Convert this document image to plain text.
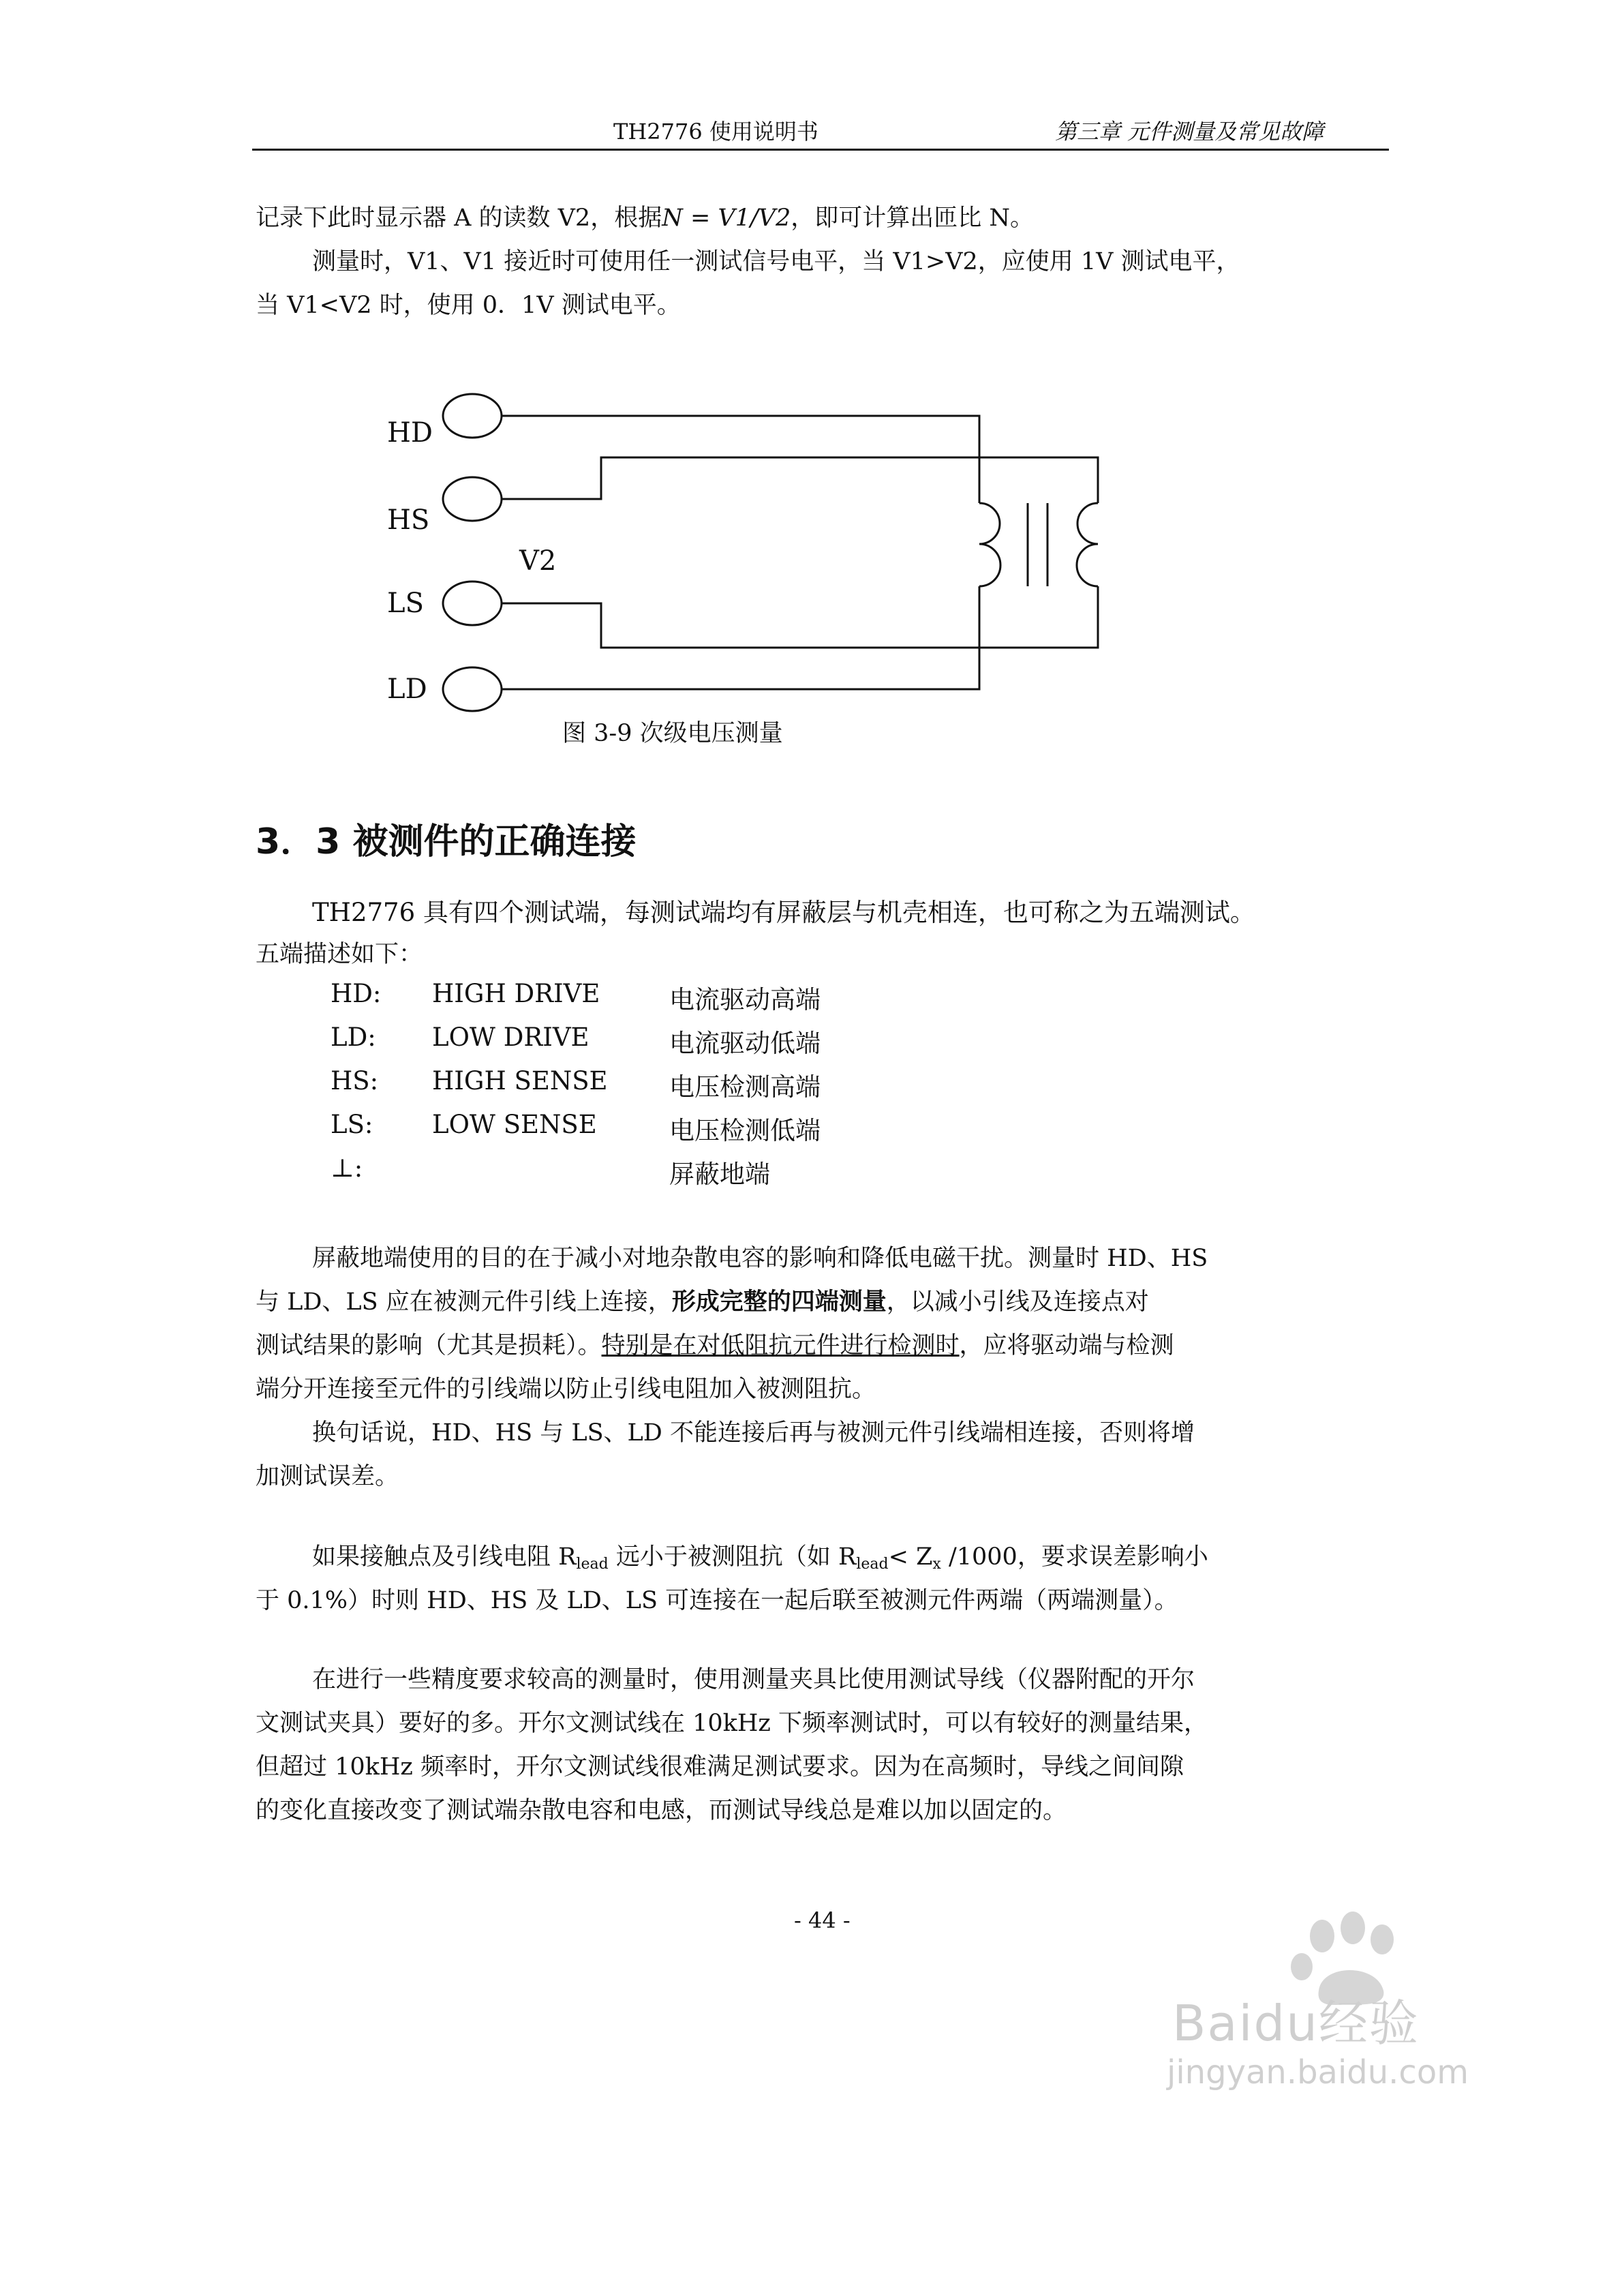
TH2776 使用说明书	第三章 元件测量及常见故障
记录下此时显示器 A 的读数 V2，根据N = V1/V2，即可计算出匝比 N。
测量时，V1、V1 接近时可使用任一测试信号电平，当 V1>V2，应使用 1V 测试电平，
当 V1<V2 时，使用 0．1V 测试电平。
HD
HS
LS
LD
V2
图 3-9 次级电压测量
3．3 被测件的正确连接
TH2776 具有四个测试端，每测试端均有屏蔽层与机壳相连，也可称之为五端测试。
五端描述如下：
HD: HIGH DRIVE	电流驱动高端
LD: LOW DRIVE	电流驱动低端
HS: HIGH SENSE 电压检测高端
LS: LOW SENSE	电压检测低端
⊥:	屏蔽地端
屏蔽地端使用的目的在于减小对地杂散电容的影响和降低电磁干扰。测量时 HD、HS
与 LD、LS 应在被测元件引线上连接，形成完整的四端测量，以减小引线及连接点对
测试结果的影响（尤其是损耗）。特别是在对低阻抗元件进行检测时，应将驱动端与检测
端分开连接至元件的引线端以防止引线电阻加入被测阻抗。
换句话说，HD、HS 与 LS、LD 不能连接后再与被测元件引线端相连接，否则将增
加测试误差。
如果接触点及引线电阻 $R_{lead}$ 远小于被测阻抗（如 $R_{lead}< Z_x$ /1000，要求误差影响小
于 0.1%）时则 HD、HS 及 LD、LS 可连接在一起后联至被测元件两端（两端测量）。
在进行一些精度要求较高的测量时，使用测量夹具比使用测试导线（仪器附配的开尔
文测试夹具）要好的多。开尔文测试线在 10kHz 下频率测试时，可以有较好的测量结果，
但超过 10kHz 频率时，开尔文测试线很难满足测试要求。因为在高频时，导线之间间隙
的变化直接改变了测试端杂散电容和电感，而测试导线总是难以加以固定的。
- 44 -
Baidu经验
jingyan.baidu.com
